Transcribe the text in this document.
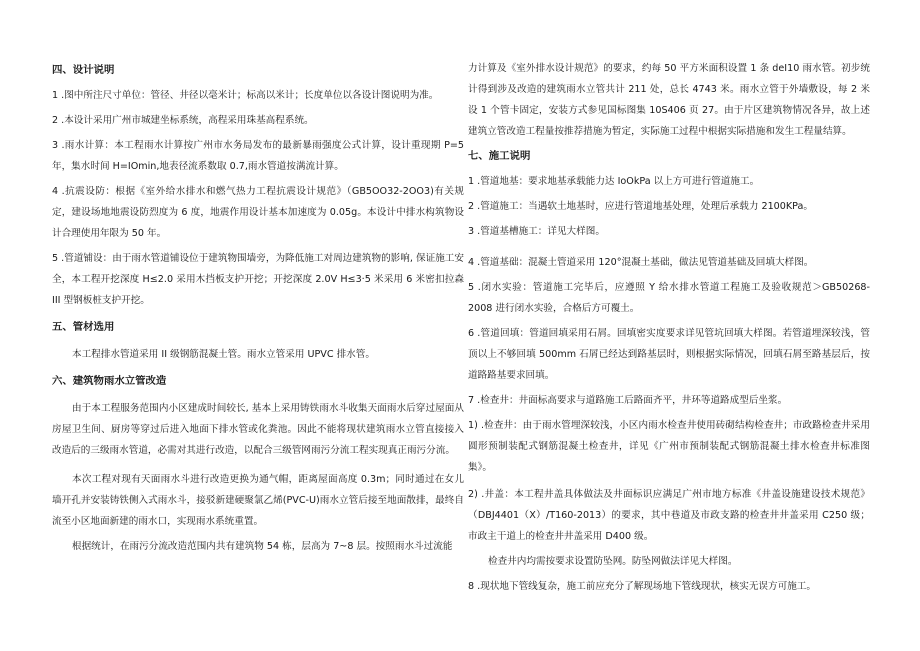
四、设计说明

1 .图中所注尺寸单位：管径、井径以毫米计；标高以米计；长度单位以各设计图说明为准。

2 .本设计采用广州市城建坐标系统，高程采用珠基高程系统。

3 .雨水计算：本工程雨水计算按广州市水务局发布的最新暴雨强度公式计算，设计重现期 P=5 年，集水时间 H=IOmin,地表径流系数取 0.7,雨水管道按满流计算。

4 .抗震设防：根据《室外给水排水和燃气热力工程抗震设计规范》（GB5OO32-2OO3)有关规定，建设场地地震设防烈度为 6 度，地震作用设计基本加速度为 0.05g。本设计中排水构筑物设计合理使用年限为 50 年。

5 .管道铺设：由于雨水管道铺设位于建筑物围墙旁，为降低施工对周边建筑物的影响, 保证施工安全，本工程开挖深度 H≤2.0 采用木挡板支护开挖；开挖深度 2.0V H≤3·5 米采用 6 米密扣拉森 III 型钢板桩支护开挖。

五、管材选用

本工程排水管道采用 II 级钢筋混凝土管。雨水立管采用 UPVC 排水管。

六、建筑物雨水立管改造

由于本工程服务范围内小区建成时间较长, 基本上采用铸铁雨水斗收集天面雨水后穿过屋面从房屋卫生间、厨房等穿过后进入地面下排水管或化粪池。因此不能将现状建筑雨水立管直接接入改造后的三级雨水管道，必需对其进行改造，以配合三级管网雨污分流工程实现真正雨污分流。

本次工程对现有天面雨水斗进行改造更换为通气帽，距离屋面高度 0.3m；同时通过在女儿墙开孔并安装铸铁侧入式雨水斗，接驳新建硬聚氯乙烯(PVC-U)雨水立管后接至地面散排，最终自流至小区地面新建的雨水口，实现雨水系统重置。

根据统计，在雨污分流改造范围内共有建筑物 54 栋，层高为 7~8 层。按照雨水斗过流能

力计算及《室外排水设计规范》的要求，约每 50 平方米面积设置 1 条 deI10 雨水管。初步统计得到涉及改造的建筑雨水立管共计 211 处，总长 4743 米。雨水立管于外墙敷设，每 2 米设 1 个管卡固定，安装方式参见国标图集 10S406 页 27。由于片区建筑物情况各异，故上述建筑立管改造工程量按推荐措施为暂定，实际施工过程中根据实际措施和发生工程量结算。

七、施工说明

1 .管道地基：要求地基承载能力达 IoOkPa 以上方可进行管道施工。

2 .管道施工：当遇软土地基时，应进行管道地基处理，处理后承载力 2100KPa。

3 .管道基槽施工：详见大样图。

4 .管道基础：混凝土管道采用 120°混凝土基础，做法见管道基础及回填大样图。

5 .闭水实验：管道施工完毕后，应遵照 Y 给水排水管道工程施工及验收规范＞GB50268-2008 进行闭水实验，合格后方可覆土。

6 .管道回填：管道回填采用石屑。回填密实度要求详见管坑回填大样图。若管道埋深较浅，管顶以上不够回填 500mm 石屑已经达到路基层时，则根据实际情况，回填石屑至路基层后，按道路路基要求回填。

7 .检查井：井面标高要求与道路施工后路面齐平，井环等道路成型后坐浆。

1) .检查井：由于雨水管埋深较浅，小区内雨水检查井使用砖砌结构检查井；市政路检查井采用圆形预制装配式钢筋混凝土检查井，详见《广州市预制装配式钢筋混凝土排水检查井标准图集》。

2) .井盖：本工程井盖具体做法及井面标识应满足广州市地方标准《井盖设施建设技术规范》（DBJ4401（X）/T160-2013）的要求，其中巷道及市政支路的检查井井盖采用 C250 级；市政主干道上的检查井井盖采用 D400 级。

检查井内均需按要求设置防坠网。防坠网做法详见大样图。

8 .现状地下管线复杂，施工前应充分了解现场地下管线现状，核实无误方可施工。
